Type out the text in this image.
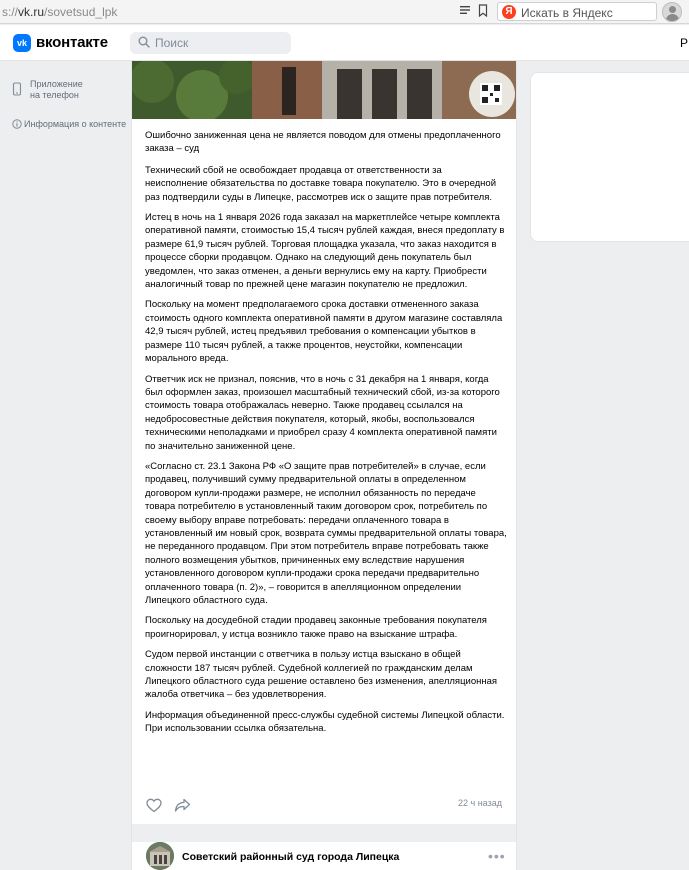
s://vk.ru/sovetsud_lpk	Я Искать в Яндекс
vk вконтакте	Поиск	Р
Приложение
на телефон
Информация о контенте

Ошибочно заниженная цена не является поводом для отмены предоплаченного заказа – суд

Технический сбой не освобождает продавца от ответственности за неисполнение обязательства по доставке товара покупателю. Это в очередной раз подтвердили суды в Липецке, рассмотрев иск о защите прав потребителя.

Истец в ночь на 1 января 2026 года заказал на маркетплейсе четыре комплекта оперативной памяти, стоимостью 15,4 тысяч рублей каждая, внеся предоплату в размере 61,9 тысяч рублей. Торговая площадка указала, что заказ находится в процессе сборки продавцом. Однако на следующий день покупатель был уведомлен, что заказ отменен, а деньги вернулись ему на карту. Приобрести аналогичный товар по прежней цене магазин покупателю не предложил.

Поскольку на момент предполагаемого срока доставки отмененного заказа стоимость одного комплекта оперативной памяти в другом магазине составляла 42,9 тысяч рублей, истец предъявил требования о компенсации убытков в размере 110 тысяч рублей, а также процентов, неустойки, компенсации морального вреда.

Ответчик иск не признал, пояснив, что в ночь с 31 декабря на 1 января, когда был оформлен заказ, произошел масштабный технический сбой, из-за которого стоимость товара отображалась неверно. Также продавец ссылался на недобросовестные действия покупателя, который, якобы, воспользовался техническими неполадками и приобрел сразу 4 комплекта оперативной памяти по значительно заниженной цене.

«Согласно ст. 23.1 Закона РФ «О защите прав потребителей» в случае, если продавец, получивший сумму предварительной оплаты в определенном договором купли-продажи размере, не исполнил обязанность по передаче товара потребителю в установленный таким договором срок, потребитель по своему выбору вправе потребовать: передачи оплаченного товара в установленный им новый срок, возврата суммы предварительной оплаты товара, не переданного продавцом. При этом потребитель вправе потребовать также полного возмещения убытков, причиненных ему вследствие нарушения установленного договором купли-продажи срока передачи предварительно оплаченного товара (п. 2)», – говорится в апелляционном определении Липецкого областного суда.

Поскольку на досудебной стадии продавец законные требования покупателя проигнорировал, у истца возникло также право на взыскание штрафа.

Судом первой инстанции с ответчика в пользу истца взыскано в общей сложности 187 тысяч рублей. Судебной коллегией по гражданским делам Липецкого областного суда решение оставлено без изменения, апелляционная жалоба ответчика – без удовлетворения.

Информация объединенной пресс-службы судебной системы Липецкой области. При использовании ссылка обязательна.

22 ч назад
Советский районный суд города Липецка	•••
